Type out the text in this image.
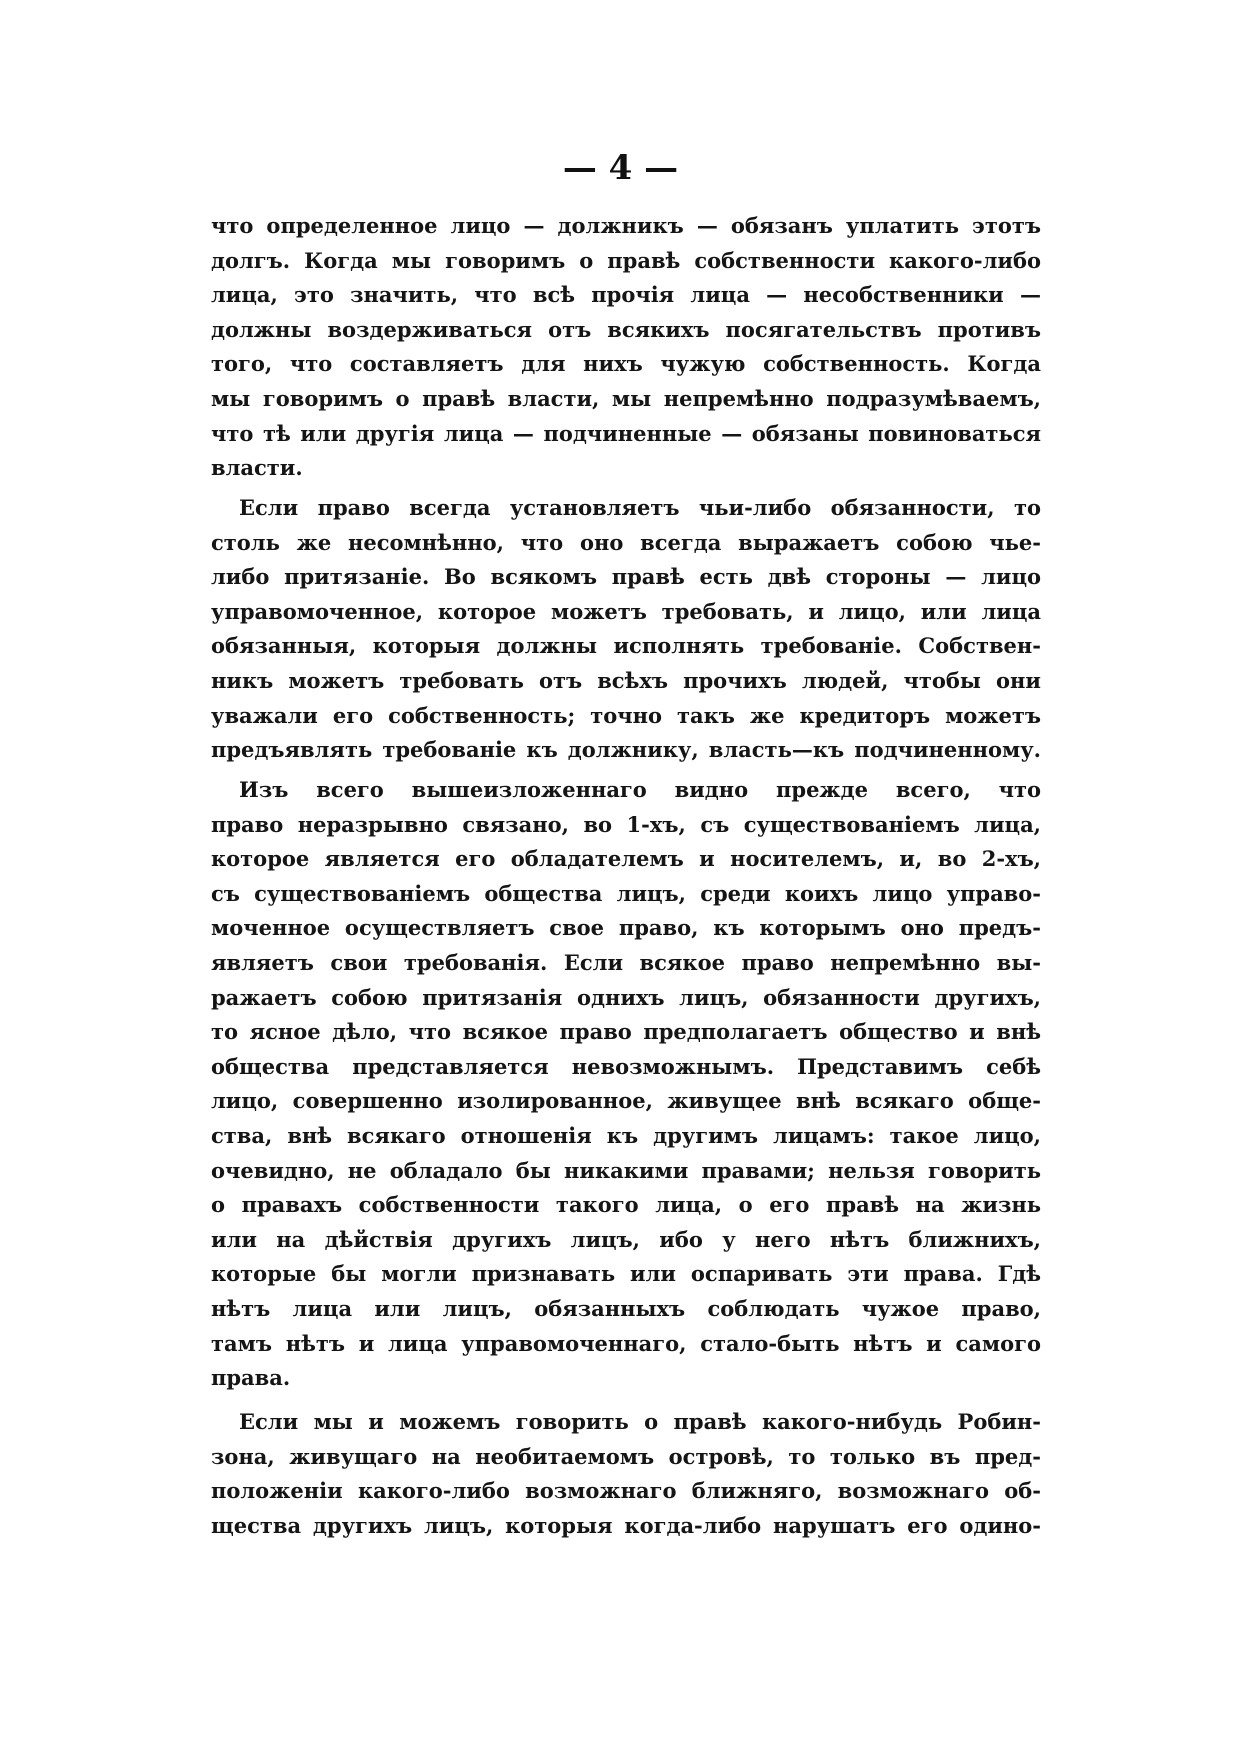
— 4 —
что определенное лицо — должникъ — обязанъ уплатить этотъ
долгъ. Когда мы говоримъ о правѣ собственности какого-либо
лица, это значить, что всѣ прочія лица — несобственники —
должны воздерживаться отъ всякихъ посягательствъ противъ
того, что составляетъ для нихъ чужую собственность. Когда
мы говоримъ о правѣ власти, мы непремѣнно подразумѣваемъ,
что тѣ или другія лица — подчиненные — обязаны повиноваться
власти.
Если право всегда установляетъ чьи-либо обязанности, то
столь же несомнѣнно, что оно всегда выражаетъ собою чье-
либо притязаніе. Во всякомъ правѣ есть двѣ стороны — лицо
управомоченное, которое можетъ требовать, и лицо, или лица
обязанныя, которыя должны исполнять требованіе. Собствен-
никъ можетъ требовать отъ всѣхъ прочихъ людей, чтобы они
уважали его собственность; точно такъ же кредиторъ можетъ
предъявлять требованіе къ должнику, власть—къ подчиненному.
Изъ всего вышеизложеннаго видно прежде всего, что
право неразрывно связано, во 1-хъ, съ существованіемъ лица,
которое является его обладателемъ и носителемъ, и, во 2-хъ,
съ существованіемъ общества лицъ, среди коихъ лицо управо-
моченное осуществляетъ свое право, къ которымъ оно предъ-
являетъ свои требованія. Если всякое право непремѣнно вы-
ражаетъ собою притязанія однихъ лицъ, обязанности другихъ,
то ясное дѣло, что всякое право предполагаетъ общество и внѣ
общества представляется невозможнымъ. Представимъ себѣ
лицо, совершенно изолированное, живущее внѣ всякаго обще-
ства, внѣ всякаго отношенія къ другимъ лицамъ: такое лицо,
очевидно, не обладало бы никакими правами; нельзя говорить
о правахъ собственности такого лица, о его правѣ на жизнь
или на дѣйствія другихъ лицъ, ибо у него нѣтъ ближнихъ,
которые бы могли признавать или оспаривать эти права. Гдѣ
нѣтъ лица или лицъ, обязанныхъ соблюдать чужое право,
тамъ нѣтъ и лица управомоченнаго, стало-быть нѣтъ и самого
права.
Если мы и можемъ говорить о правѣ какого-нибудь Робин-
зона, живущаго на необитаемомъ островѣ, то только въ пред-
положеніи какого-либо возможнаго ближняго, возможнаго об-
щества другихъ лицъ, которыя когда-либо нарушатъ его одино-
